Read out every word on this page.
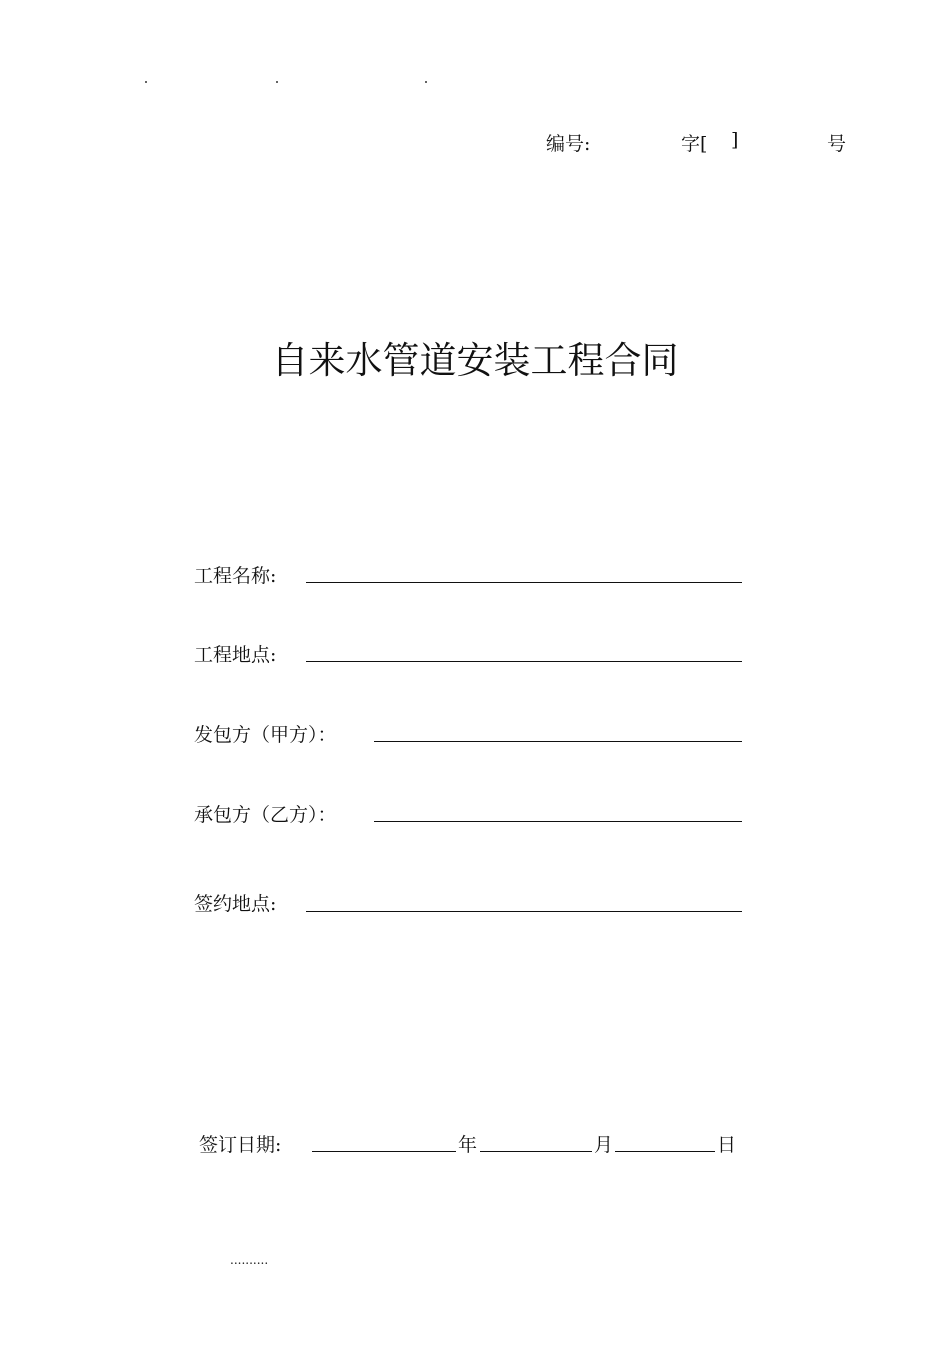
编号:	字[ ]	号
自来水管道安装工程合同
工程名称:
工程地点:
发包方（甲方）：
承包方（乙方）：
签约地点:
签订日期:	年	月	日
..........
